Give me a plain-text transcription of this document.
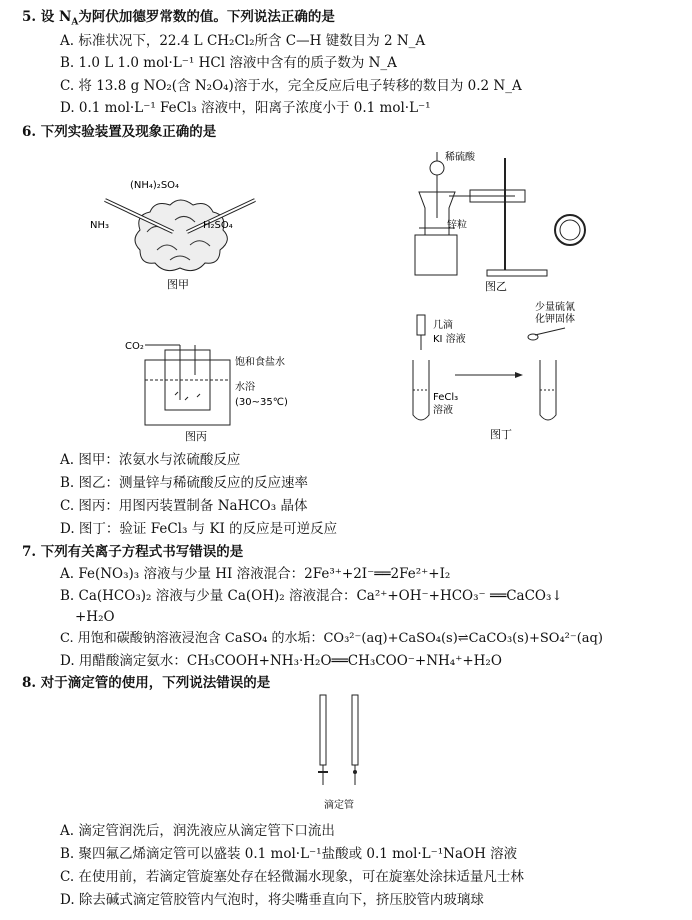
5. 设 $N_A$为阿伏加德罗常数的值。下列说法正确的是
A. 标准状况下，22.4 L CH₂Cl₂所含 C—H 键数目为 2 N_A
B. 1.0 L 1.0 mol·L⁻¹ HCl 溶液中含有的质子数为 N_A
C. 将 13.8 g NO₂(含 N₂O₄)溶于水，完全反应后电子转移的数目为 0.2 N_A
D. 0.1 mol·L⁻¹ FeCl₃ 溶液中，阳离子浓度小于 0.1 mol·L⁻¹
6. 下列实验装置及现象正确的是
(NH₄)₂SO₄
NH₃	H₂SO₄
图甲
稀硫酸
锌粒
图乙
CO₂
饱和食盐水
水浴
(30~35℃)
图丙
几滴
KI 溶液
少量硫氰
化钾固体
FeCl₃
溶液
图丁
A. 图甲：浓氨水与浓硫酸反应
B. 图乙：测量锌与稀硫酸反应的反应速率
C. 图丙：用图丙装置制备 NaHCO₃ 晶体
D. 图丁：验证 FeCl₃ 与 KI 的反应是可逆反应
7. 下列有关离子方程式书写错误的是
A. Fe(NO₃)₃ 溶液与少量 HI 溶液混合：2Fe³⁺+2I⁻══2Fe²⁺+I₂
B. Ca(HCO₃)₂ 溶液与少量 Ca(OH)₂ 溶液混合：Ca²⁺+OH⁻+HCO₃⁻ ══CaCO₃↓
+H₂O
C. 用饱和碳酸钠溶液浸泡含 CaSO₄ 的水垢：CO₃²⁻(aq)+CaSO₄(s)⇌CaCO₃(s)+SO₄²⁻(aq)
D. 用醋酸滴定氨水：CH₃COOH+NH₃·H₂O══CH₃COO⁻+NH₄⁺+H₂O
8. 对于滴定管的使用，下列说法错误的是
滴定管
A. 滴定管润洗后，润洗液应从滴定管下口流出
B. 聚四氟乙烯滴定管可以盛装 0.1 mol·L⁻¹盐酸或 0.1 mol·L⁻¹NaOH 溶液
C. 在使用前，若滴定管旋塞处存在轻微漏水现象，可在旋塞处涂抹适量凡士林
D. 除去碱式滴定管胶管内气泡时，将尖嘴垂直向下，挤压胶管内玻璃球
